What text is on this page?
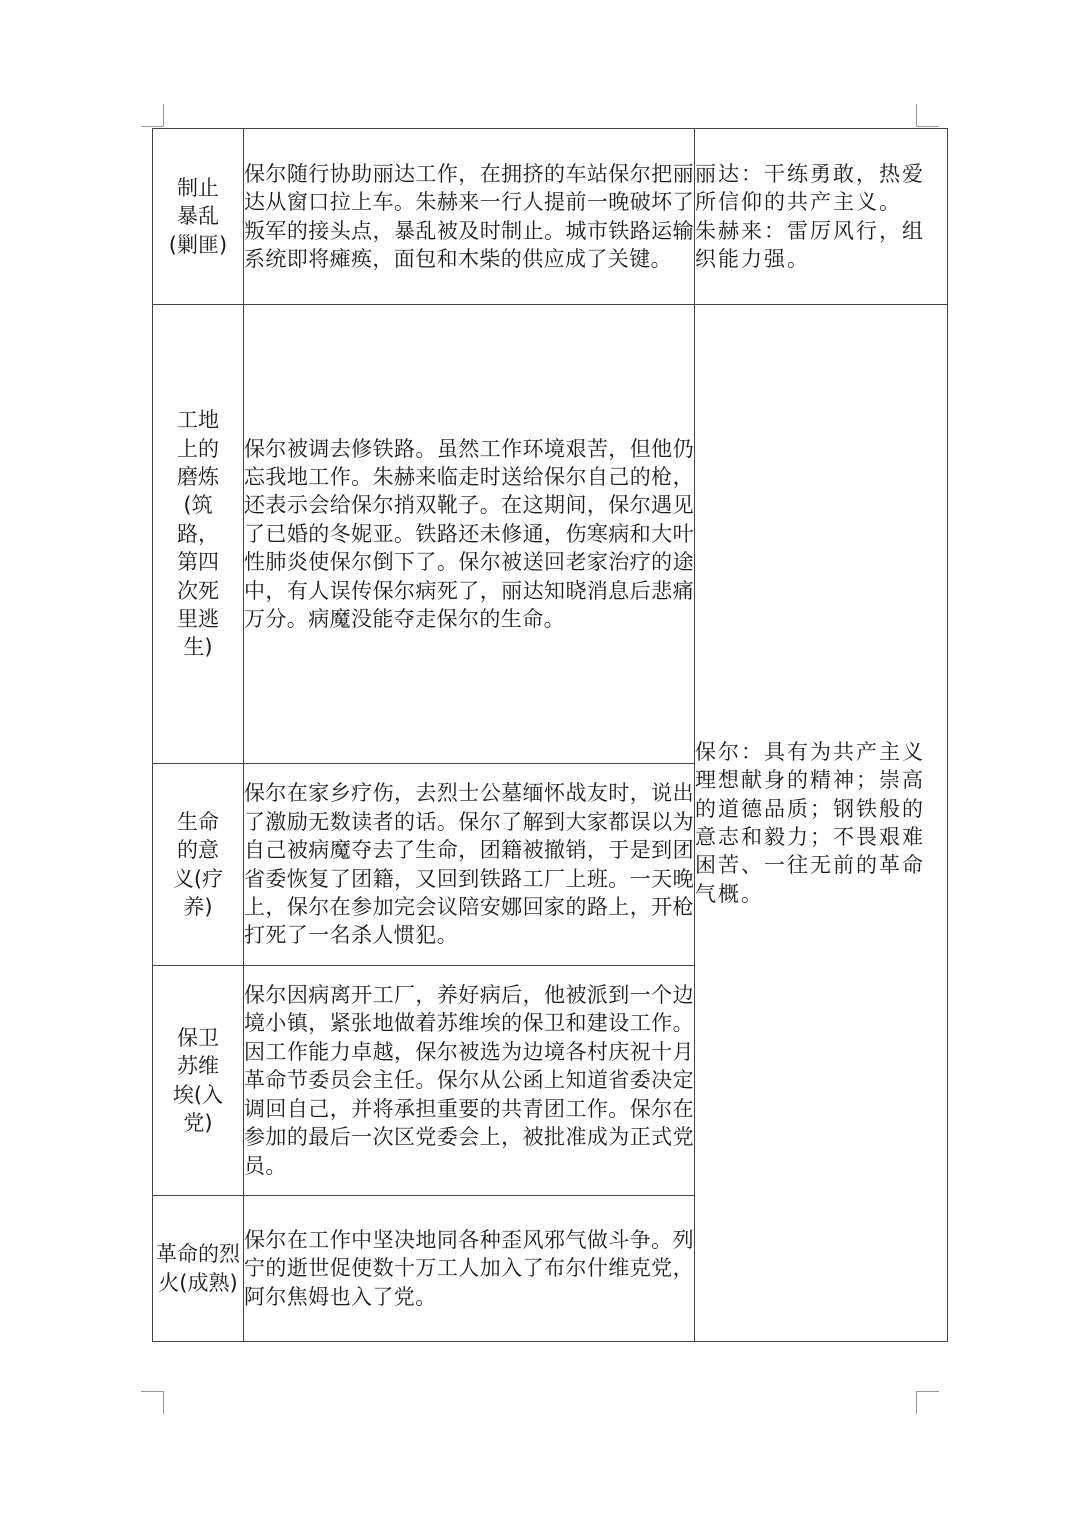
制止暴乱(剿匪)	保尔随行协助丽达工作，在拥挤的车站保尔把丽达从窗口拉上车。朱赫来一行人提前一晚破坏了叛军的接头点，暴乱被及时制止。城市铁路运输系统即将瘫痪，面包和木柴的供应成了关键。	丽达：干练勇敢，热爱所信仰的共产主义。
朱赫来：雷厉风行，组织能力强。	

工地上的磨炼(筑路，第四次死里逃生)	保尔被调去修铁路。虽然工作环境艰苦，但他仍忘我地工作。朱赫来临走时送给保尔自己的枪，还表示会给保尔捎双靴子。在这期间，保尔遇见了已婚的冬妮亚。铁路还未修通，伤寒病和大叶性肺炎使保尔倒下了。保尔被送回老家治疗的途中，有人误传保尔病死了，丽达知晓消息后悲痛万分。病魔没能夺走保尔的生命。	保尔：具有为共产主义理想献身的精神；崇高的道德品质；钢铁般的意志和毅力；不畏艰难困苦、一往无前的革命气概。	
生命的意义(疗养)	保尔在家乡疗伤，去烈士公墓缅怀战友时，说出了激励无数读者的话。保尔了解到大家都误以为自己被病魔夺去了生命，团籍被撤销，于是到团省委恢复了团籍，又回到铁路工厂上班。一天晚上，保尔在参加完会议陪安娜回家的路上，开枪打死了一名杀人惯犯。		
保卫苏维埃(入党)	保尔因病离开工厂，养好病后，他被派到一个边境小镇，紧张地做着苏维埃的保卫和建设工作。因工作能力卓越，保尔被选为边境各村庆祝十月革命节委员会主任。保尔从公函上知道省委决定调回自己，并将承担重要的共青团工作。保尔在参加的最后一次区党委会上，被批准成为正式党员。		
革命的烈火(成熟)	保尔在工作中坚决地同各种歪风邪气做斗争。列宁的逝世促使数十万工人加入了布尔什维克党，阿尔焦姆也入了党。		
